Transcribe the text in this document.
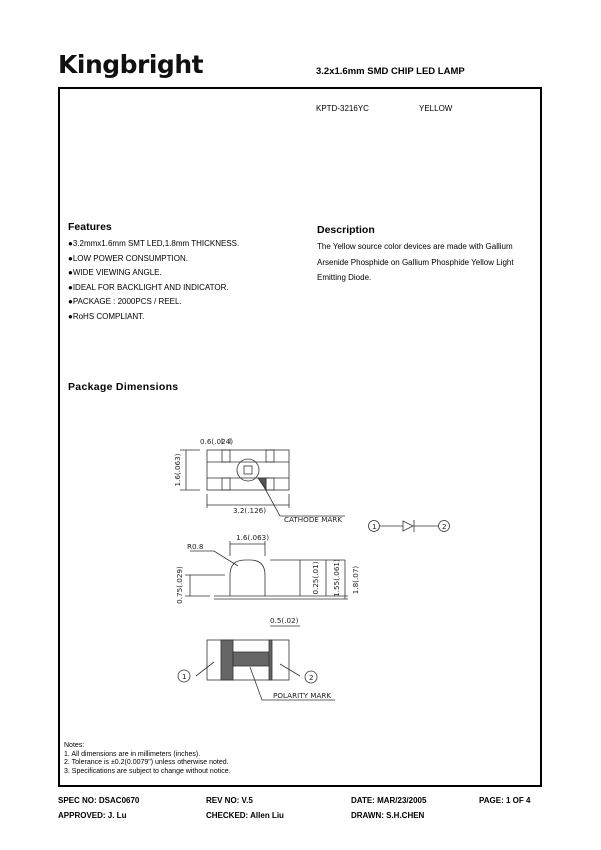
Kingbright	3.2x1.6mm SMD CHIP LED LAMP
KPTD-3216YC	YELLOW
Features
●3.2mmx1.6mm SMT LED,1.8mm THICKNESS.
●LOW POWER CONSUMPTION.
●WIDE VIEWING ANGLE.
●IDEAL FOR BACKLIGHT AND INDICATOR.
●PACKAGE : 2000PCS / REEL.
●RoHS COMPLIANT.
Description
The Yellow source color devices are made with Gallium Arsenide Phosphide on Gallium Phosphide Yellow Light Emitting Diode.
Package Dimensions
0.6(.024)
1.6(.063)
3.2(.126)
CATHODE MARK
1.6(.063)
R0.8
0.75(.029)	0.25(.01) 1.55(.061) 1.8(.07)
0.5(.02)
1	2
POLARITY MARK
1	2
Notes:
1. All dimensions are in millimeters (inches).
2. Tolerance is ±0.2(0.0079") unless otherwise noted.
3. Specifications are subject to change without notice.
SPEC NO: DSAC0670	REV NO: V.5	DATE: MAR/23/2005	PAGE: 1 OF 4
APPROVED: J. Lu	CHECKED: Allen Liu	DRAWN: S.H.CHEN
